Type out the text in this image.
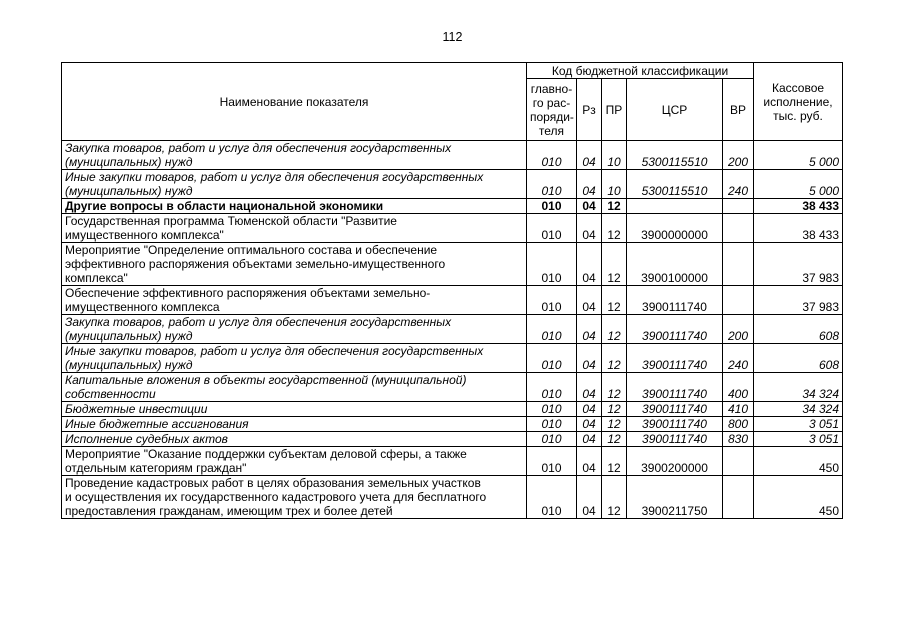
112
Наименование показателя	Код бюджетной классификации					Кассовое
исполнение,
тыс. руб.

	главно-
го рас-
поряди-
теля	Рз	ПР	ЦСР	ВР	

Закупка товаров, работ и услуг для обеспечения государственных
(муниципальных) нужд	010	04	10	5300115510	200	5 000

Иные закупки товаров, работ и услуг для обеспечения государственных
(муниципальных) нужд	010	04	10	5300115510	240	5 000

Другие вопросы в области национальной экономики	010	04	12			38 433

Государственная программа Тюменской области "Развитие
имущественного комплекса"	010	04	12	3900000000		38 433

Мероприятие "Определение оптимального состава и обеспечение
эффективного распоряжения объектами земельно-имущественного
комплекса"	010	04	12	3900100000		37 983

Обеспечение эффективного распоряжения объектами земельно-
имущественного комплекса	010	04	12	3900111740		37 983

Закупка товаров, работ и услуг для обеспечения государственных
(муниципальных) нужд	010	04	12	3900111740	200	608

Иные закупки товаров, работ и услуг для обеспечения государственных
(муниципальных) нужд	010	04	12	3900111740	240	608

Капитальные вложения в объекты государственной (муниципальной)
собственности	010	04	12	3900111740	400	34 324

Бюджетные инвестиции	010	04	12	3900111740	410	34 324

Иные бюджетные ассигнования	010	04	12	3900111740	800	3 051

Исполнение судебных актов	010	04	12	3900111740	830	3 051

Мероприятие "Оказание поддержки субъектам деловой сферы, а также
отдельным категориям граждан"	010	04	12	3900200000		450

Проведение кадастровых работ в целях образования земельных участков
и осуществления их государственного кадастрового учета для бесплатного
предоставления гражданам, имеющим трех и более детей	010	04	12	3900211750		450
